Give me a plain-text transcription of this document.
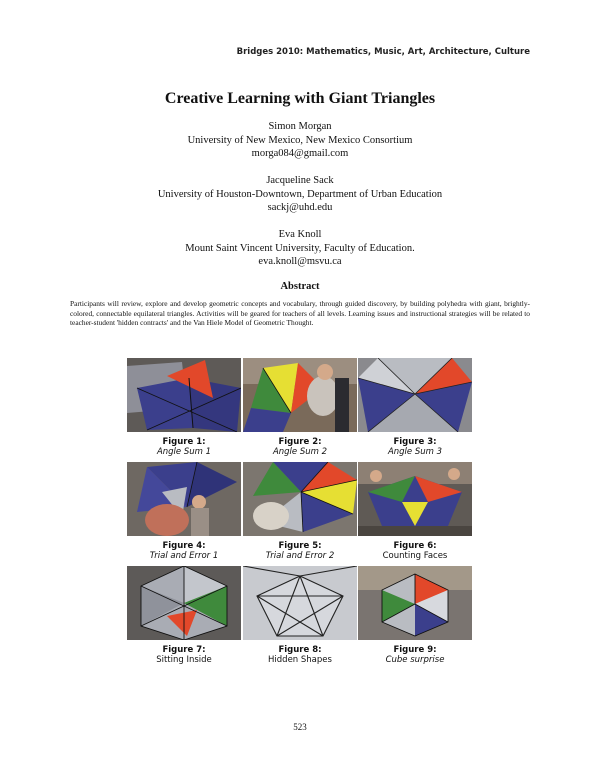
Bridges 2010: Mathematics, Music, Art, Architecture, Culture
Creative Learning with Giant Triangles
Simon Morgan
University of New Mexico, New Mexico Consortium
morga084@gmail.com
Jacqueline Sack
University of Houston-Downtown, Department of Urban Education
sackj@uhd.edu
Eva Knoll
Mount Saint Vincent University, Faculty of Education.
eva.knoll@msvu.ca
Abstract
Participants will review, explore and develop geometric concepts and vocabulary, through guided discovery, by building polyhedra with giant, brightly-colored, connectable equilateral triangles. Activities will be geared for teachers of all levels. Learning issues and instructional strategies will be related to teacher-student 'hidden contracts' and the Van Hiele Model of Geometric Thought.
Figure 1:
Angle Sum 1
Figure 2:
Angle Sum 2
Figure 3:
Angle Sum 3
Figure 4:
Trial and Error 1
Figure 5:
Trial and Error 2
Figure 6:
Counting Faces
Figure 7:
Sitting Inside
Figure 8:
Hidden Shapes
Figure 9:
Cube surprise
523
